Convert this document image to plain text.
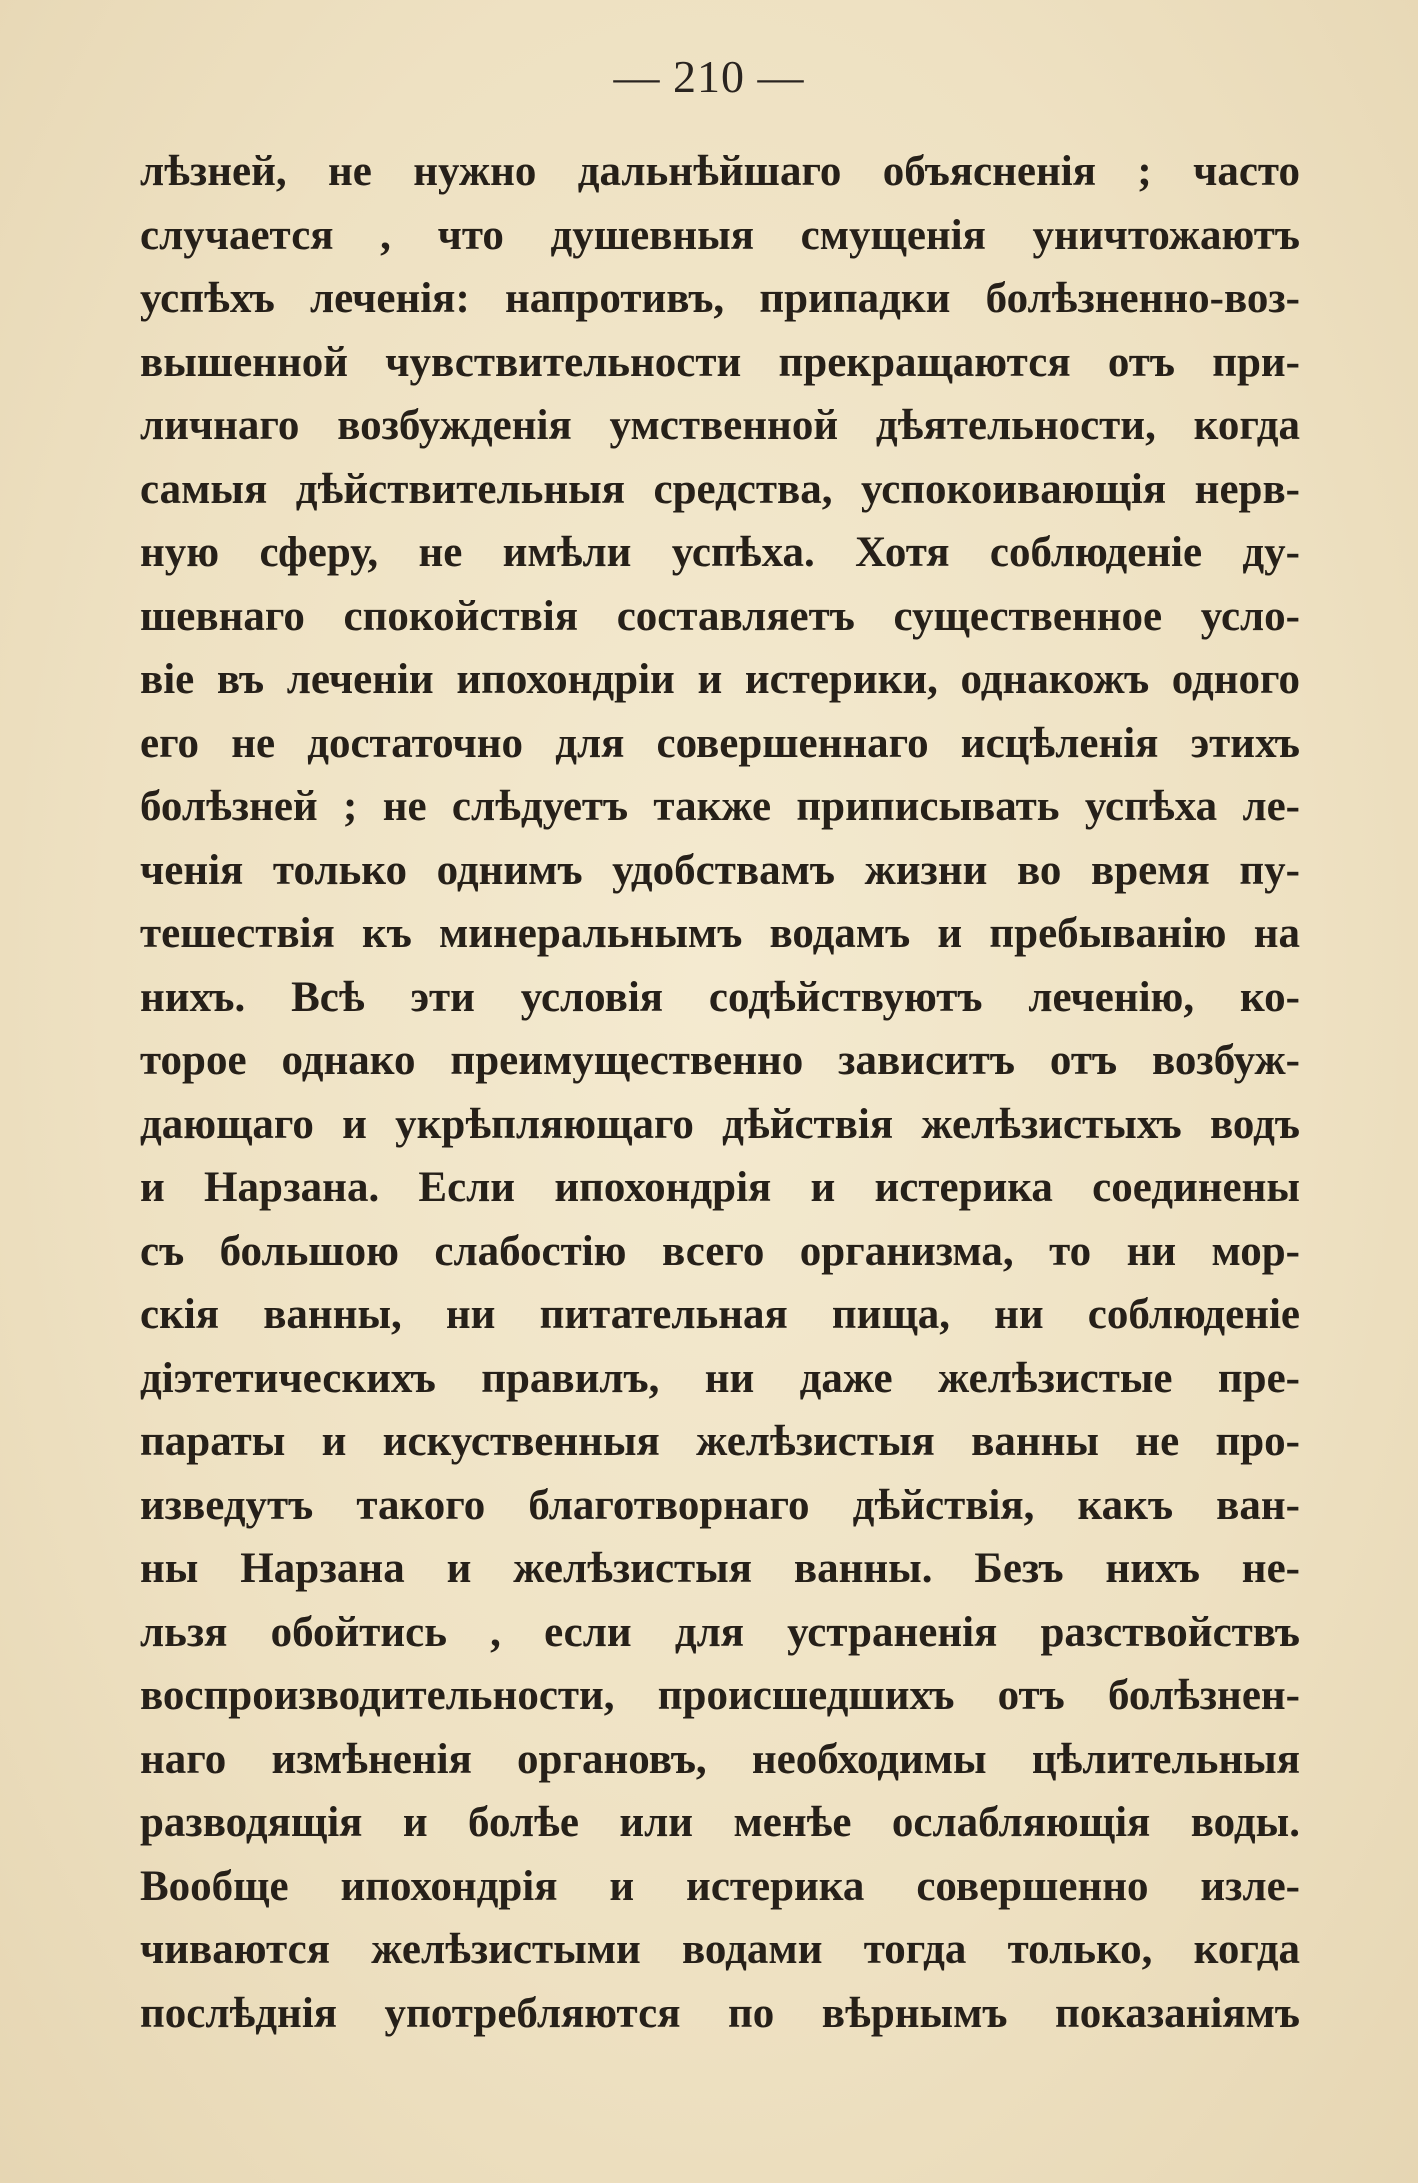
— 210 —
лѣзней, не нужно дальнѣйшаго объясненія ; часто
случается , что душевныя смущенія уничтожаютъ
успѣхъ леченія: напротивъ, припадки болѣзненно-воз-
вышенной чувствительности прекращаются отъ при-
личнаго возбужденія умственной дѣятельности, когда
самыя дѣйствительныя средства, успокоивающія нерв-
ную сферу, не имѣли успѣха. Хотя соблюденіе ду-
шевнаго спокойствія составляетъ существенное усло-
віе въ леченіи ипохондріи и истерики, однакожъ одного
его не достаточно для совершеннаго исцѣленія этихъ
болѣзней ; не слѣдуетъ также приписывать успѣха ле-
ченія только однимъ удобствамъ жизни во время пу-
тешествія къ минеральнымъ водамъ и пребыванію на
нихъ. Всѣ эти условія содѣйствуютъ леченію, ко-
торое однако преимущественно зависитъ отъ возбуж-
дающаго и укрѣпляющаго дѣйствія желѣзистыхъ водъ
и Нарзана. Если ипохондрія и истерика соединены
съ большою слабостію всего организма, то ни мор-
скія ванны, ни питательная пища, ни соблюденіе
діэтетическихъ правилъ, ни даже желѣзистые пре-
параты и искуственныя желѣзистыя ванны не про-
изведутъ такого благотворнаго дѣйствія, какъ ван-
ны Нарзана и желѣзистыя ванны. Безъ нихъ не-
льзя обойтись , если для устраненія разствойствъ
воспроизводительности, происшедшихъ отъ болѣзнен-
наго измѣненія органовъ, необходимы цѣлительныя
разводящія и болѣе или менѣе ослабляющія воды.
Вообще ипохондрія и истерика совершенно изле-
чиваются желѣзистыми водами тогда только, когда
послѣднія употребляются по вѣрнымъ показаніямъ
